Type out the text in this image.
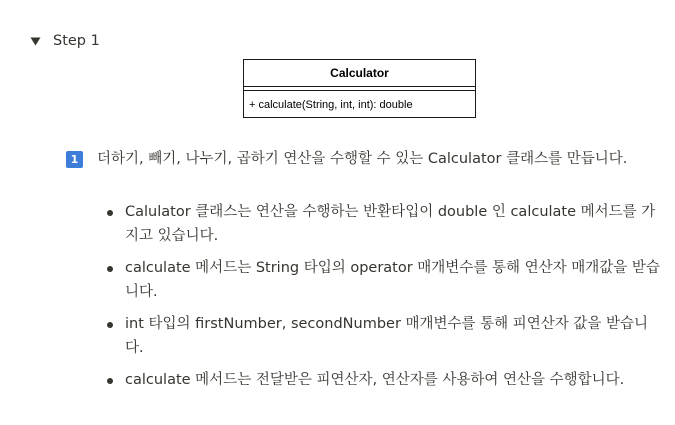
Step 1
Calculator
+ calculate(String, int, int): double
1	더하기, 빼기, 나누기, 곱하기 연산을 수행할 수 있는 Calculator 클래스를 만듭니다.
Calulator 클래스는 연산을 수행하는 반환타입이 double 인 calculate 메서드를 가지고 있습니다.
calculate 메서드는 String 타입의 operator 매개변수를 통해 연산자 매개값을 받습니다.
int 타입의 firstNumber, secondNumber 매개변수를 통해 피연산자 값을 받습니다.
calculate 메서드는 전달받은 피연산자, 연산자를 사용하여 연산을 수행합니다.
